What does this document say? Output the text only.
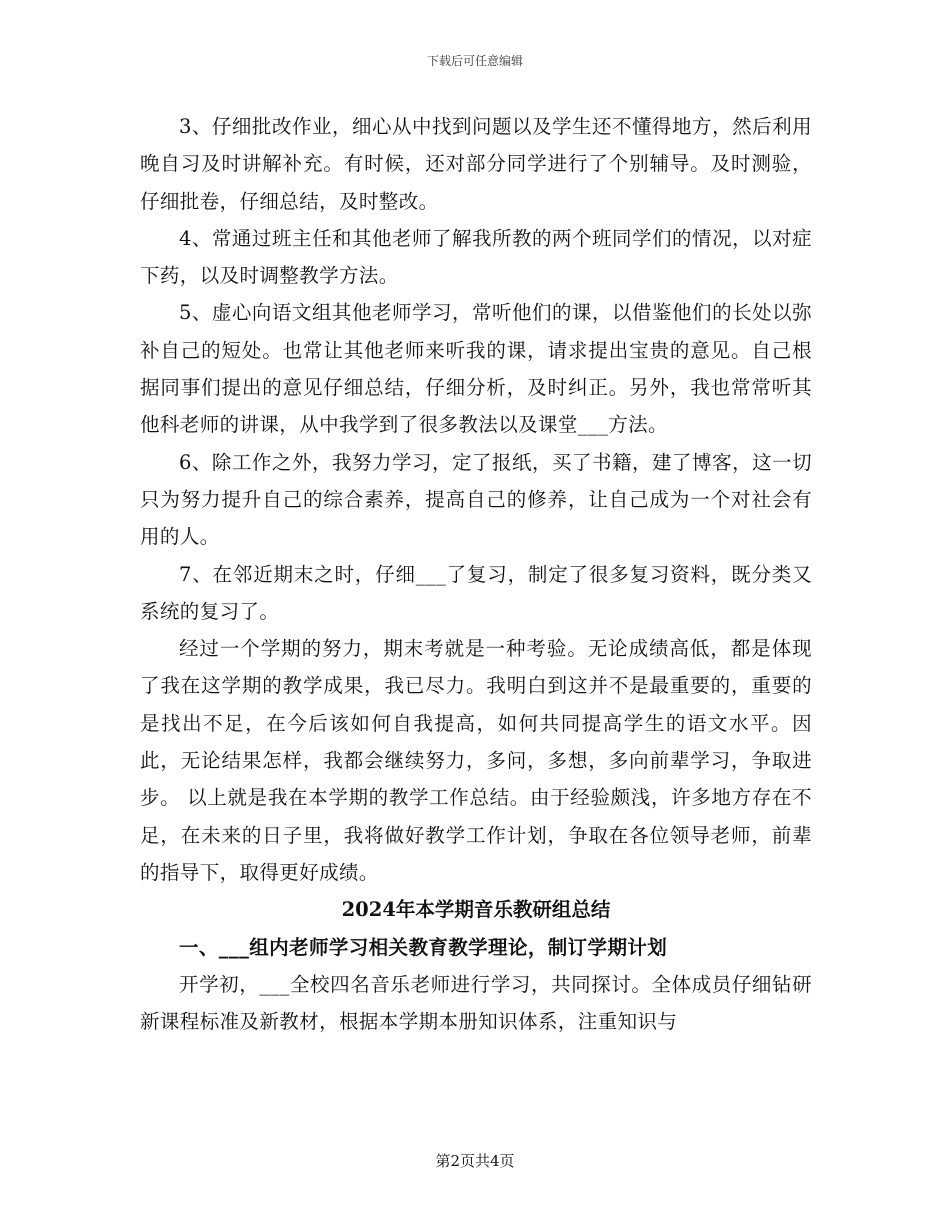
下载后可任意编辑

3、仔细批改作业，细心从中找到问题以及学生还不懂得地方，然后利用晚自习及时讲解补充。有时候，还对部分同学进行了个别辅导。及时测验，仔细批卷，仔细总结，及时整改。

4、常通过班主任和其他老师了解我所教的两个班同学们的情况，以对症下药，以及时调整教学方法。

5、虚心向语文组其他老师学习，常听他们的课，以借鉴他们的长处以弥补自己的短处。也常让其他老师来听我的课，请求提出宝贵的意见。自己根据同事们提出的意见仔细总结，仔细分析，及时纠正。另外，我也常常听其他科老师的讲课，从中我学到了很多教法以及课堂___方法。

6、除工作之外，我努力学习，定了报纸，买了书籍，建了博客，这一切只为努力提升自己的综合素养，提高自己的修养，让自己成为一个对社会有用的人。

7、在邻近期末之时，仔细___了复习，制定了很多复习资料，既分类又系统的复习了。

经过一个学期的努力，期末考就是一种考验。无论成绩高低，都是体现了我在这学期的教学成果，我已尽力。我明白到这并不是最重要的，重要的是找出不足，在今后该如何自我提高，如何共同提高学生的语文水平。因此，无论结果怎样，我都会继续努力，多问，多想，多向前辈学习，争取进步。 以上就是我在本学期的教学工作总结。由于经验颇浅，许多地方存在不足，在未来的日子里，我将做好教学工作计划，争取在各位领导老师，前辈的指导下，取得更好成绩。

2024年本学期音乐教研组总结

一、___组内老师学习相关教育教学理论，制订学期计划

开学初，___全校四名音乐老师进行学习，共同探讨。全体成员仔细钻研新课程标准及新教材，根据本学期本册知识体系，注重知识与

第2页共4页
